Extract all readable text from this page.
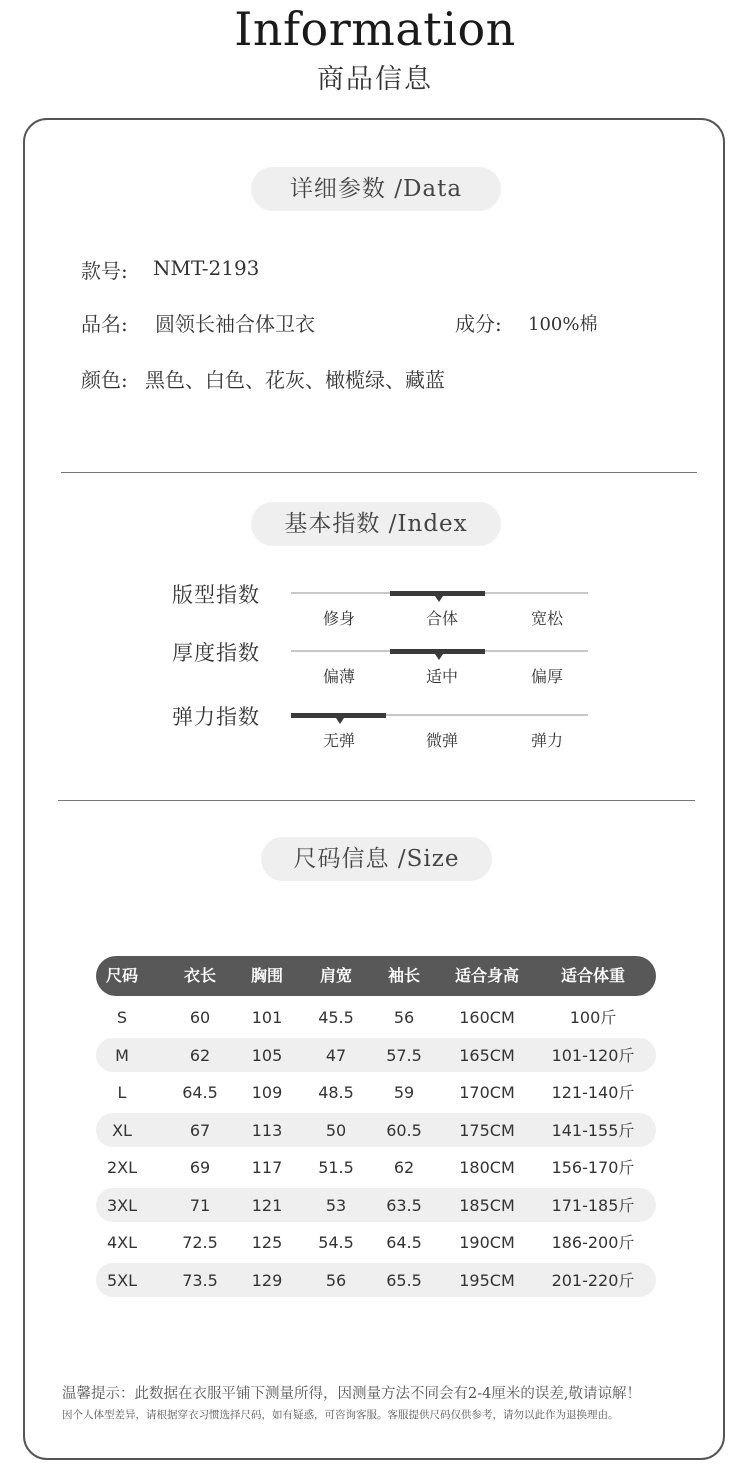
Information
商品信息
详细参数 /Data
款号: NMT-2193
品名: 圆领长袖合体卫衣	成分: 100%棉
颜色: 黑色、白色、花灰、橄榄绿、藏蓝
基本指数 /Index
版型指数
修身	合体	宽松
厚度指数
偏薄	适中	偏厚
弹力指数
无弹	微弹	弹力
尺码信息 /Size
尺码	衣长	胸围	肩宽	袖长	适合身高	适合体重
S	60	101	45.5	56	160CM	100斤
M	62	105	47	57.5	165CM	101-120斤
L	64.5	109	48.5	59	170CM	121-140斤
XL	67	113	50	60.5	175CM	141-155斤
2XL	69	117	51.5	62	180CM	156-170斤
3XL	71	121	53	63.5	185CM	171-185斤
4XL	72.5	125	54.5	64.5	190CM	186-200斤
5XL	73.5	129	56	65.5	195CM	201-220斤
温馨提示：此数据在衣服平铺下测量所得，因测量方法不同会有2-4厘米的误差,敬请谅解！
因个人体型差异，请根据穿衣习惯选择尺码，如有疑惑，可咨询客服。客服提供尺码仅供参考，请勿以此作为退换理由。
